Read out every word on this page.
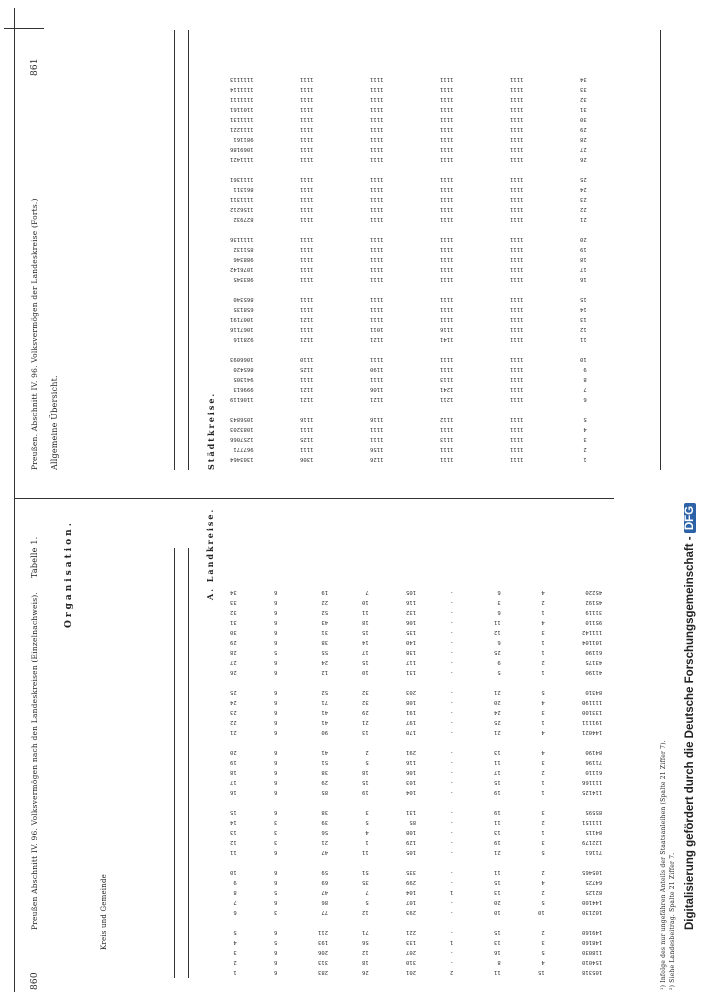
860
Preußen Abschnitt IV. 96. Volksvermögen nach den Landeskreisen (Einzelnachweis).
Tabelle 1.	Organisation.
Kreis und Gemeinde
A. Landkreise.
Preußen. Abschnitt IV. 96. Volksvermögen der Landeskreise (Forts.)
861
Allgemeine Übersicht.	Städtkreise.
¹) Infolge des nur ungefähren Anteils der Staatsanleihen (Spalte 21 Ziffer 7). ²) Siehe Landesbeitrag. Spalte 21 Ziffer 7.
1
2
3
4
5
6
7
8
9
10
11
12
13
14
15
16
17
18
19
20
21
22
23
24
25
26
27
28
29
30
31
32
33
34
6
6
6
5
6
3
6
5
6
6
6
3
3
3
6
6
6
6
6
6
6
6
6
6
6
6
6
5
6
6
6
6
6
6
283
313
206
193
211
77
86
47
69
59
47
21
56
39
38
85
29
38
51
41
90
41
41
71
52
12
24
55
38
31
43
52
22
19
26
18
12
56
71
12
5
7
35
51
11
1
4
5
3
19
15
18
5
2
13
21
29
32
32
10
15
17
14
15
18
11
10
7
201
310
207
133
221
293
107
104
299
335
105
129
108
85
131
104
103
106
116
291
170
197
191
108
203
131
117
138
140
135
106
132
116
105
2
-
-
1
-
-
-
1
-
-
-
-
-
-
-
-
-
-
-
-
-
-
-
-
-
-
-
-
-
-
-
-
-
-
11
8
16
13
15
10
20
13
15
11
21
19
13
11
19
19
15
17
11
13
21
25
24
20
21
5
9
25
6
12
11
6
3
6
15
4
5
3
2
10
5
2
4
2
5
3
1
2
3
1
1
2
3
4
4
1
3
4
5
1
2
1
1
3
4
1
2
4
105318
154010
118030
148160
149160
102130
144100
82125
64725
105465
71161
122179
84115
111151
85595
114125
111166
61110
71196
84190
144021
191111
133100
111190
84310
41190
43175
61190
101104
111142
95110
31119
45192
45220
1303464
967771
1257066
1083203
1056843
1106119
999613
941305
865420
1066093
928116
1067116
1007191
658135
865340
983345
1076142
988346
851132
1111136
827932
1156212
1111311
861311
1111361
1111421
1069186
981161
1111221
1111131
1101161
1111111
1111114
1111113
1306
1111
1125
1111
1116
1121
1121
1111
1125
1110
1121
1111
1121
1111
1111
1111
1111
1111
1111
1111
1111
1111
1111
1111
1111
1111
1111
1111
1111
1111
1111
1111
1111
1111
1126
1156
1111
1111
1116
1121
1106
1111
1190
1111
1121
1011
1111
1111
1111
1111
1111
1111
1111
1111
1111
1111
1111
1111
1111
1111
1111
1111
1111
1111
1111
1111
1111
1111
1111
1111
1113
1111
1112
1211
1241
1113
1111
1111
1141
1116
1111
1111
1111
1111
1111
1111
1111
1111
1111
1111
1111
1111
1111
1111
1111
1111
1111
1111
1111
1111
1111
1111
1111
1111
1111
1111
1111
1111
1111
1111
1111
1111
1111
1111
1111
1111
1111
1111
1111
1111
1111
1111
1111
1111
1111
1111
1111
1111
1111
1111
1111
1111
1111
1111
1111
1111
1
2
3
4
5
6
7
8
9
10
11
12
13
14
15
16
17
18
19
20
21
22
23
24
25
26
27
28
29
30
31
32
33
34
Digitalisierung gefördert durch die Deutsche Forschungsgemeinschaft - DFG
